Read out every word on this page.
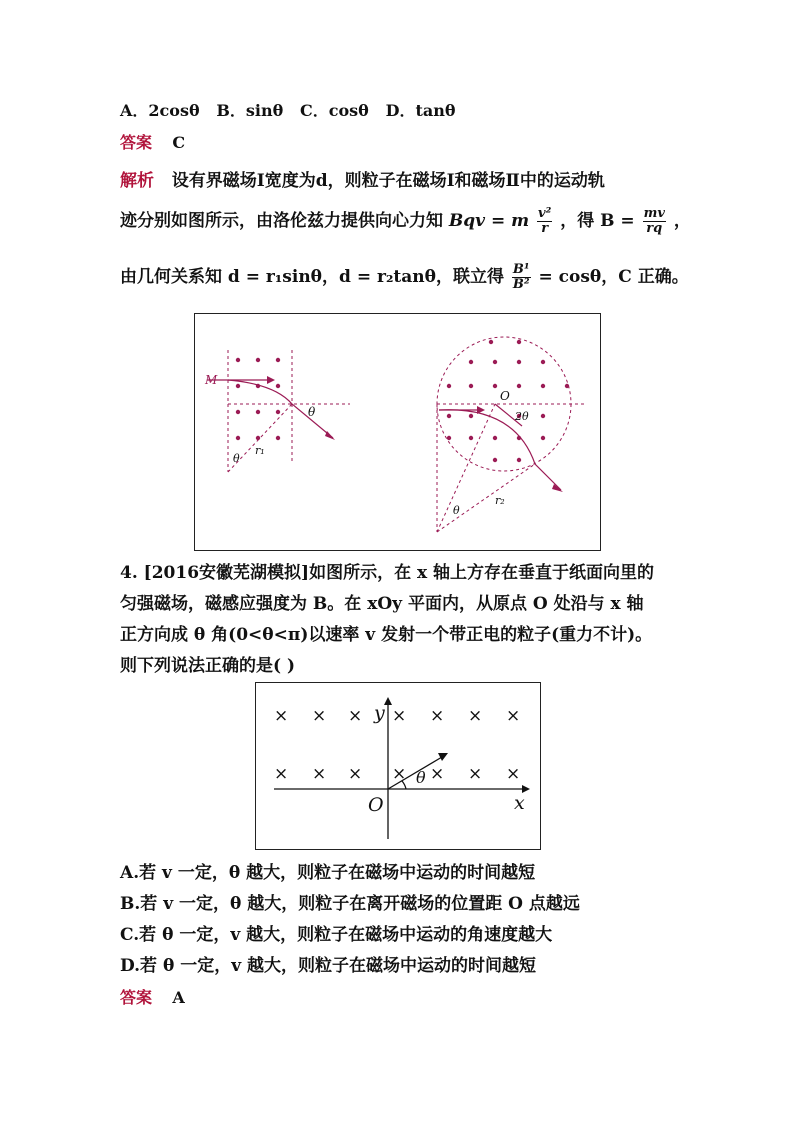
A．2cosθ B．sinθ C．cosθ D．tanθ
答案 C
解析 设有界磁场Ⅰ宽度为d，则粒子在磁场Ⅰ和磁场Ⅱ中的运动轨
迹分别如图所示，由洛伦兹力提供向心力知 Bqv = m $\frac{\text{v²}}{r}$ ，得 $B = \frac{mv}{rq}$ ，
由几何关系知 d = r₁sinθ，d = r₂tanθ，联立得 $\frac{\text{B¹}}{\text{B²}} = \cos\theta$，C 正确。
M
θ
θ
r₁
O
2θ
θ
r₂
4. [2016安徽芜湖模拟]如图所示，在 x 轴上方存在垂直于纸面向里的
匀强磁场，磁感应强度为 B。在 xOy 平面内，从原点 O 处沿与 x 轴
正方向成 θ 角(0<θ<π)以速率 v 发射一个带正电的粒子(重力不计)。
则下列说法正确的是( )
× × × × × × ×
× × × × × × ×
y
x
O
θ
A.若 v 一定，θ 越大，则粒子在磁场中运动的时间越短
B.若 v 一定，θ 越大，则粒子在离开磁场的位置距 O 点越远
C.若 θ 一定，v 越大，则粒子在磁场中运动的角速度越大
D.若 θ 一定，v 越大，则粒子在磁场中运动的时间越短
答案 A
